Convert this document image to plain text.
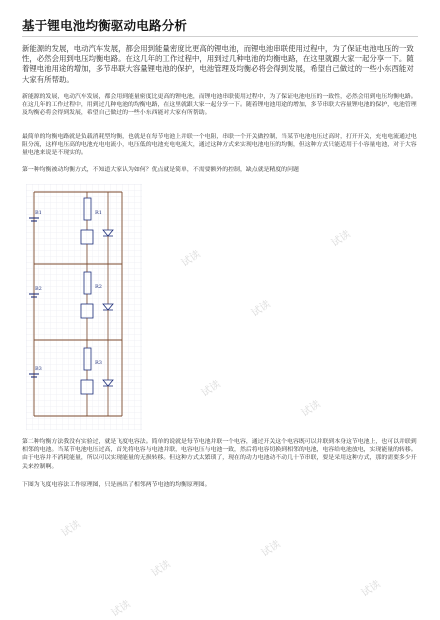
基于锂电池均衡驱动电路分析
新能源的发展，电动汽车发展，都会用到能量密度比更高的锂电池，而锂电池串联使用过程中，为了保证电池电压的一致性，必然会用到电压均衡电路。在这几年的工作过程中，用到过几种电池的均衡电路，在这里就跟大家一起分享一下。随着锂电池用途的增加，多节串联大容量锂电池的保护，电池管理及均衡必将会得到发展，希望自己做过的一些小东西能对大家有所帮助。
新能源的发展，电动汽车发展，都会用到能量密度比更高的锂电池，而锂电池串联使用过程中，为了保证电池电压的一致性，必然会用到电压均衡电路。在这几年的工作过程中，用到过几种电池的均衡电路，在这里就跟大家一起分享一下。随着锂电池用途的增加，多节串联大容量锂电池的保护，电池管理及均衡必将会得到发展，希望自己做过的一些小东西能对大家有所帮助。
最简单的均衡电路就是负载消耗型均衡，也就是在每节电池上并联一个电阻，串联一个开关做控制，当某节电池电压过高时，打开开关，充电电流通过电阻分流，这样电压高的电池充电电流小，电压低的电池充电电流大，通过这种方式来实现电池电压的均衡，但这种方式只能适用于小容量电池，对于大容量电池来说是不现实的。
第一种均衡被动均衡方式，不知道大家认为如何？优点就是简单，不需要额外的控制，缺点就是精度的问题
B1	R1
B2	R2
B3
R3
第二种均衡方法我没有实验过，就是飞度电容法。简单的说就是每节电池并联一个电容，通过开关这个电容既可以并联到本身这节电池上，也可以并联到相邻的电池。当某节电池电压过高，首先将电容与电池并联，电容电压与电池一致，然后将电容切换到相邻的电池，电容给电池放电，实现能量的转移。由于电容并不消耗能量，所以可以实现能量的无损转移。但这种方式太繁琐了，现在的动力电池动不动几十节串联，要是采用这种方式，那的需要多少开关来控制啊。
下图为飞度电容法工作原理图，只是画出了相邻两节电池的均衡原理图。
试读
试读
试读
试读
试读
试读
试读
试读
试读
试读
